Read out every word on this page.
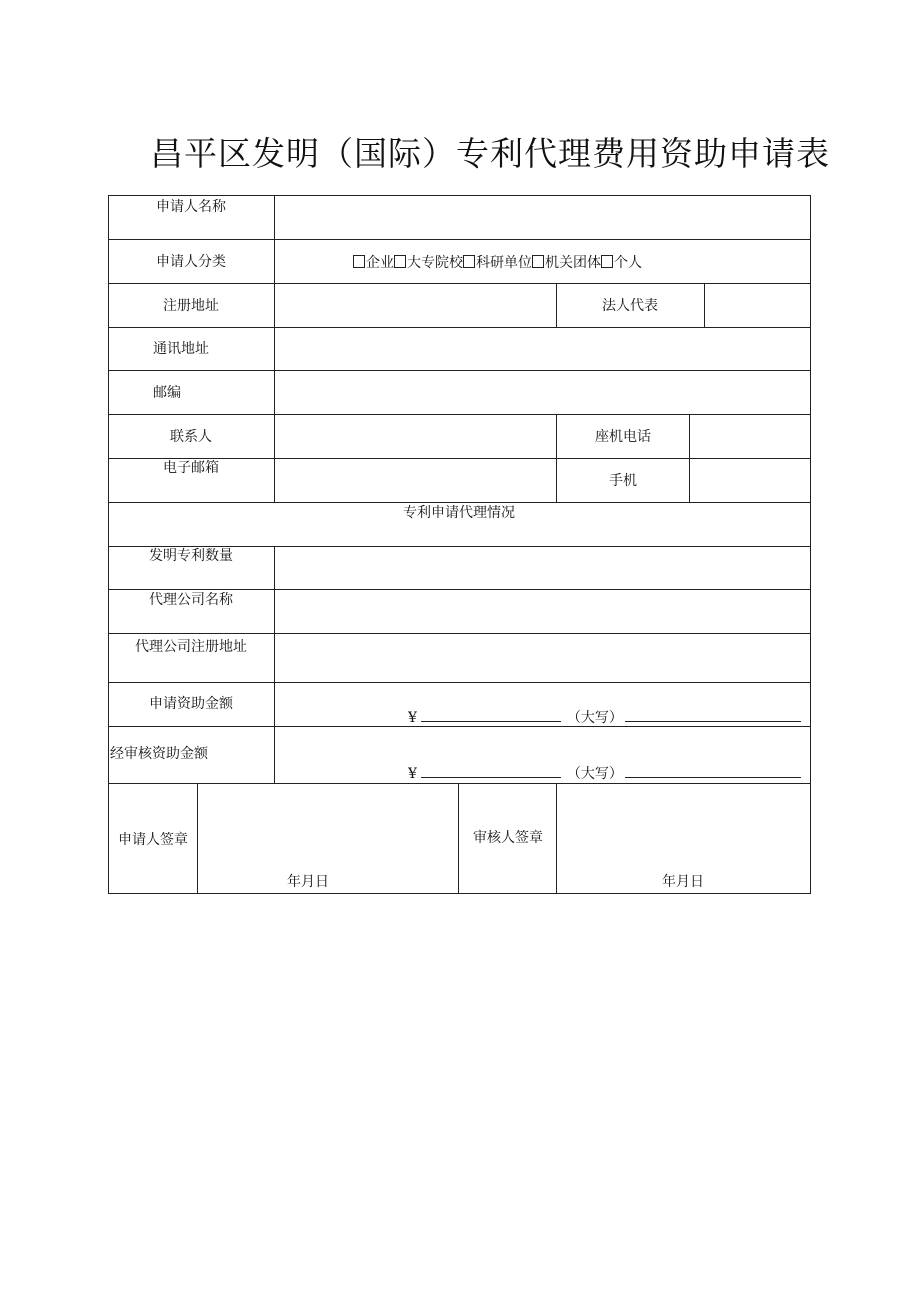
昌平区发明（国际）专利代理费用资助申请表
申请人名称
申请人分类	企业 大专院校 科研单位 机关团体 个人
注册地址	法人代表
通讯地址
邮编
联系人	座机电话
电子邮箱
手机
专利申请代理情况
发明专利数量
代理公司名称
代理公司注册地址
申请资助金额
¥	（大写）
经审核资助金额
¥	（大写）
申请人签章	审核人签章
年月日	年月日
